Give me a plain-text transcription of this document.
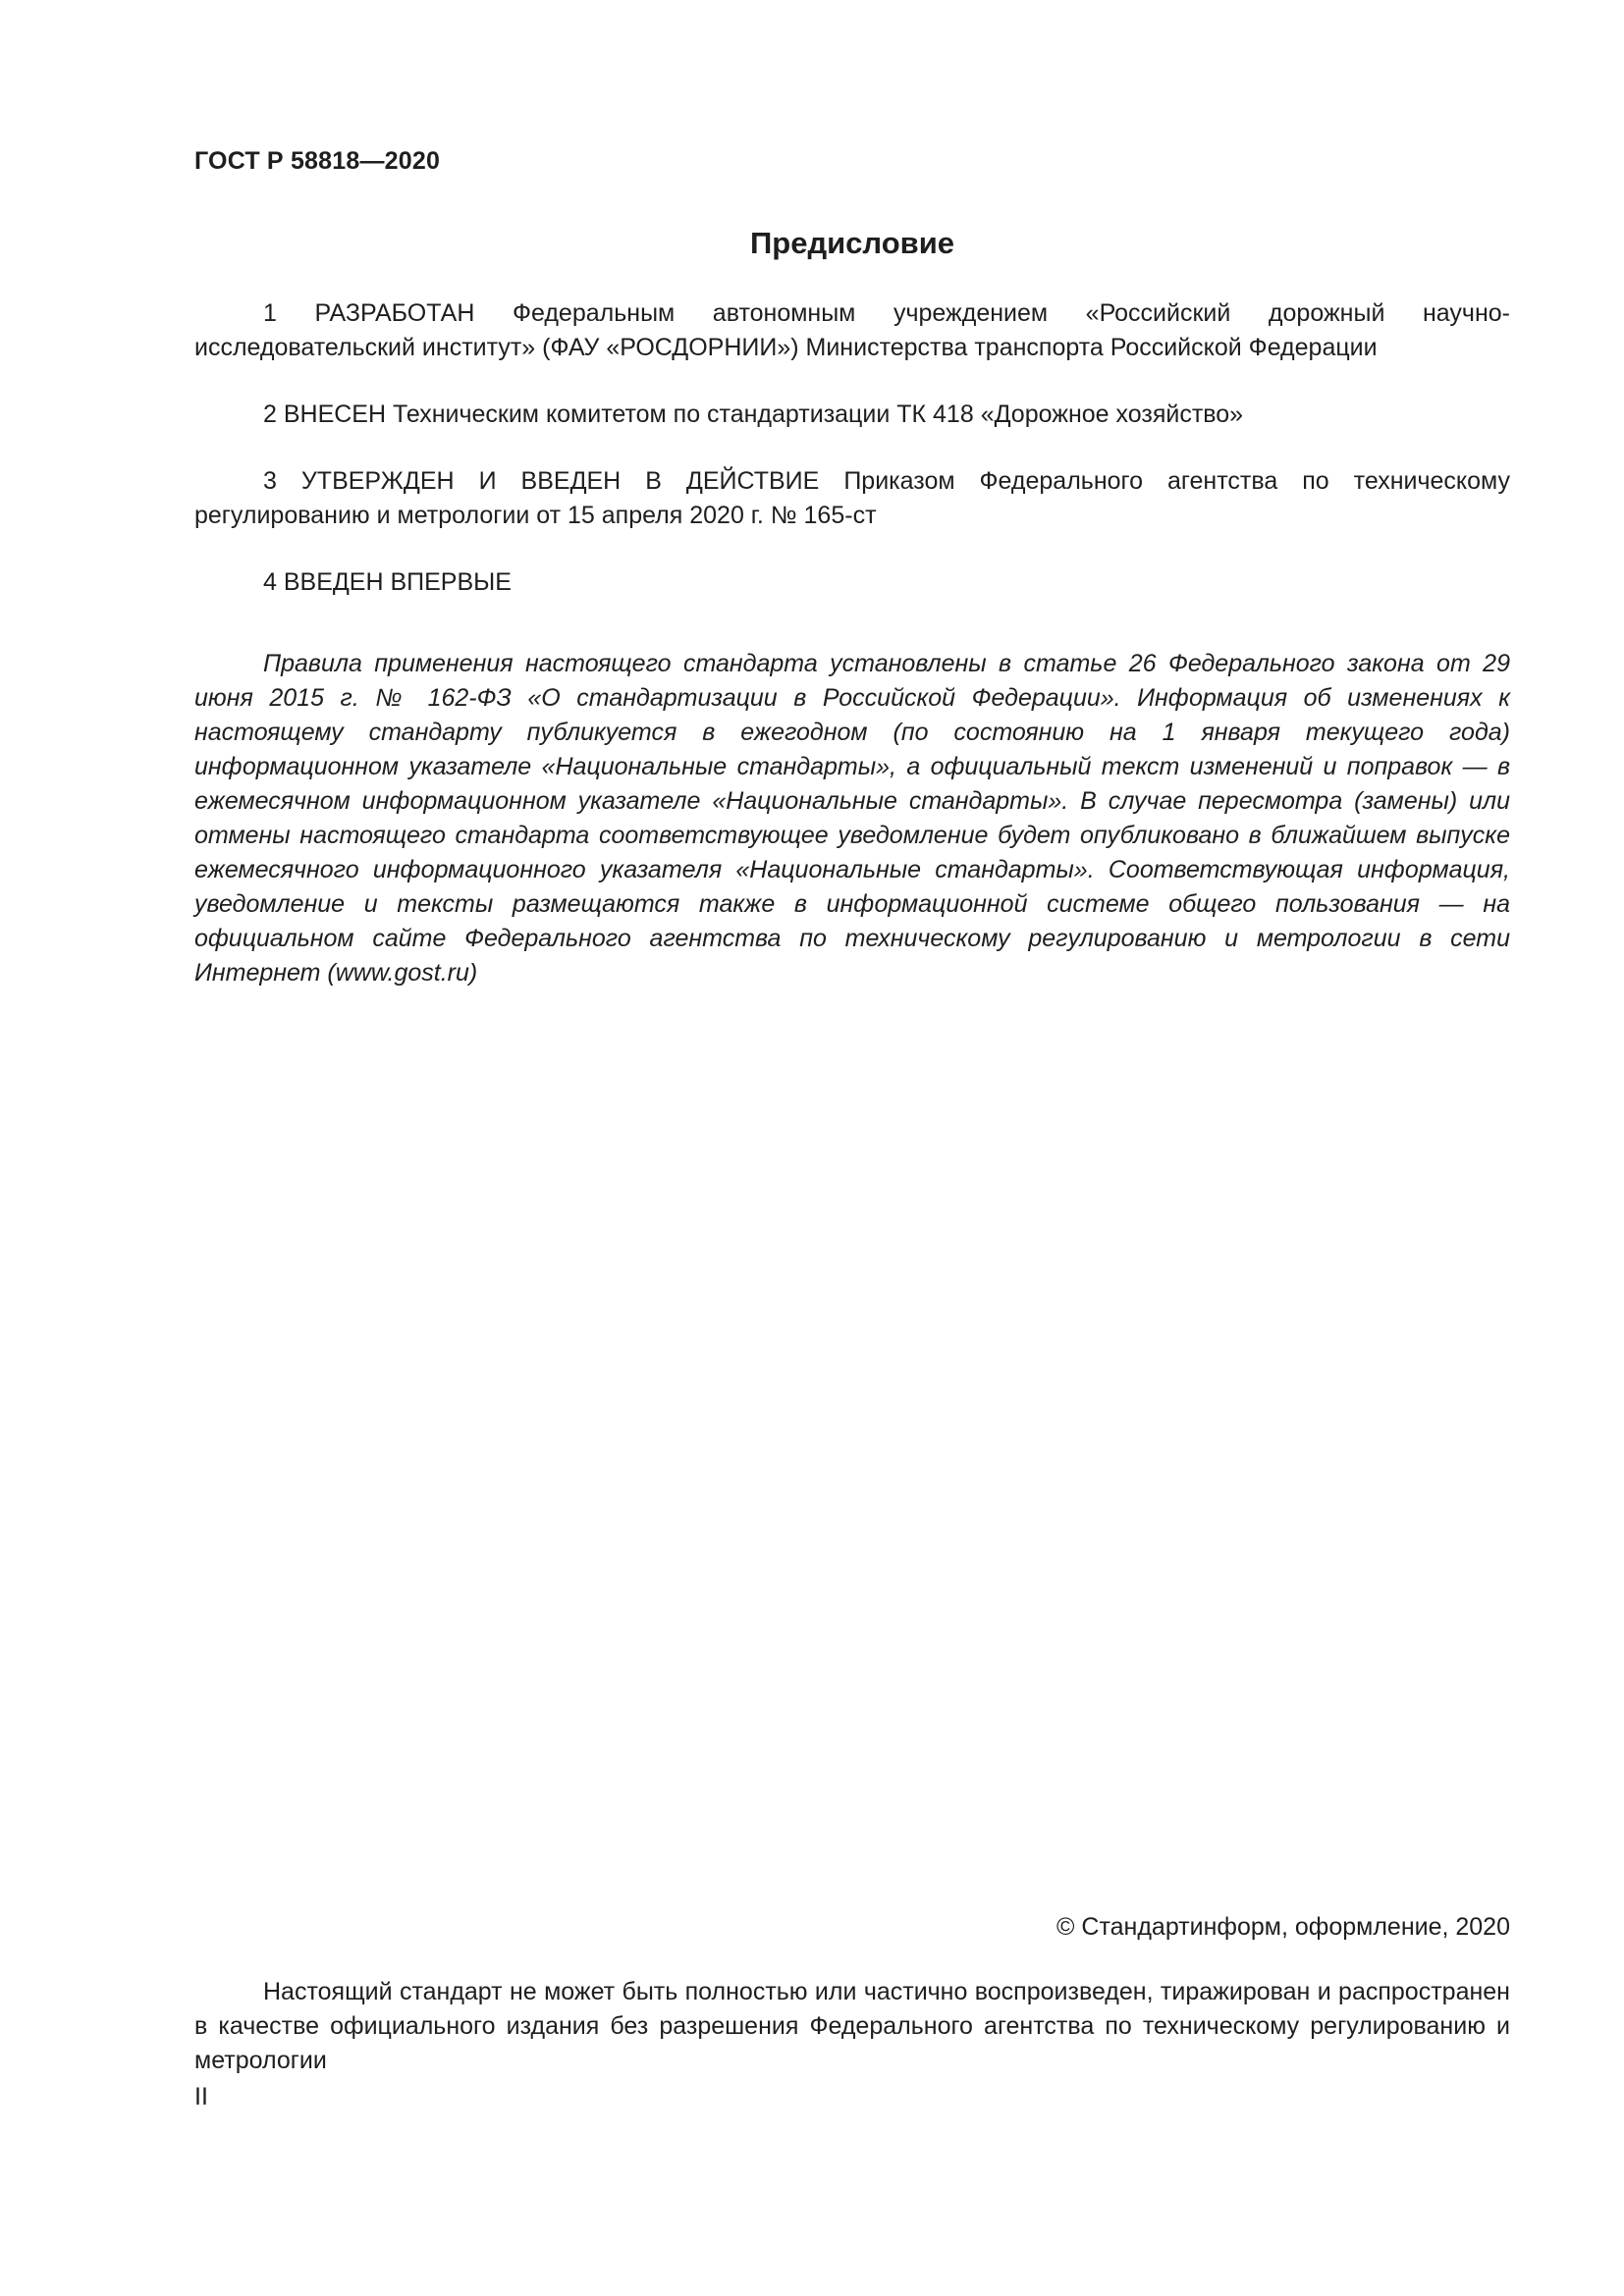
ГОСТ Р 58818—2020
Предисловие

1 РАЗРАБОТАН Федеральным автономным учреждением «Российский дорожный научно-исследовательский институт» (ФАУ «РОСДОРНИИ») Министерства транспорта Российской Федерации

2 ВНЕСЕН Техническим комитетом по стандартизации ТК 418 «Дорожное хозяйство»

3 УТВЕРЖДЕН И ВВЕДЕН В ДЕЙСТВИЕ Приказом Федерального агентства по техническому регулированию и метрологии от 15 апреля 2020 г. № 165-ст

4 ВВЕДЕН ВПЕРВЫЕ

Правила применения настоящего стандарта установлены в статье 26 Федерального закона от 29 июня 2015 г. № 162-ФЗ «О стандартизации в Российской Федерации». Информация об изменениях к настоящему стандарту публикуется в ежегодном (по состоянию на 1 января текущего года) информационном указателе «Национальные стандарты», а официальный текст изменений и поправок — в ежемесячном информационном указателе «Национальные стандарты». В случае пересмотра (замены) или отмены настоящего стандарта соответствующее уведомление будет опубликовано в ближайшем выпуске ежемесячного информационного указателя «Национальные стандарты». Соответствующая информация, уведомление и тексты размещаются также в информационной системе общего пользования — на официальном сайте Федерального агентства по техническому регулированию и метрологии в сети Интернет (www.gost.ru)

© Стандартинформ, оформление, 2020
Настоящий стандарт не может быть полностью или частично воспроизведен, тиражирован и распространен в качестве официального издания без разрешения Федерального агентства по техническому регулированию и метрологии
II
